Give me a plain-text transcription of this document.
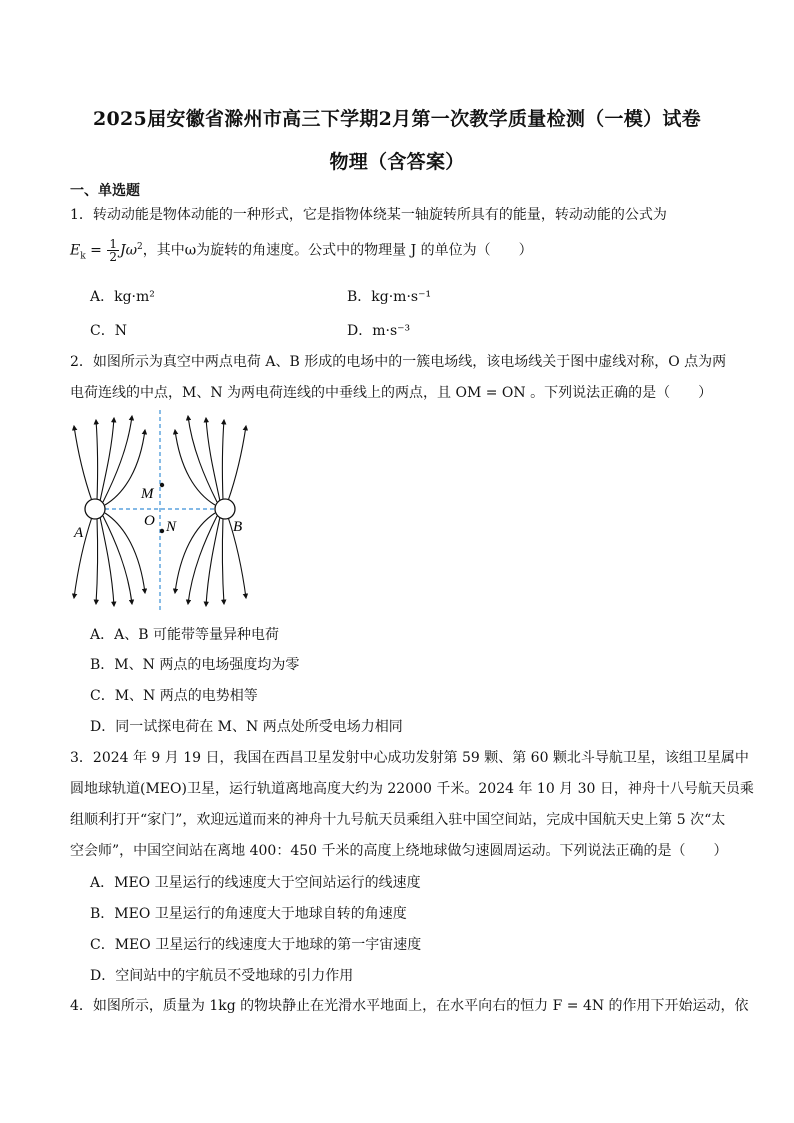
2025届安徽省滁州市高三下学期2月第一次教学质量检测（一模）试卷
物理（含答案）
一、单选题
1．转动动能是物体动能的一种形式，它是指物体绕某一轴旋转所具有的能量，转动动能的公式为
$E_k = \frac{1}{2} J\omega^2$，其中ω为旋转的角速度。公式中的物理量 J 的单位为（　　）
A．kg·m²	B．kg·m·s⁻¹
C．N	D．m·s⁻³
2．如图所示为真空中两点电荷 A、B 形成的电场中的一簇电场线，该电场线关于图中虚线对称，O 点为两
电荷连线的中点，M、N 为两电荷连线的中垂线上的两点，且 OM = ON 。下列说法正确的是（　　）
A	B
M
O N
A．A、B 可能带等量异种电荷
B．M、N 两点的电场强度均为零
C．M、N 两点的电势相等
D．同一试探电荷在 M、N 两点处所受电场力相同
3．2024 年 9 月 19 日，我国在西昌卫星发射中心成功发射第 59 颗、第 60 颗北斗导航卫星，该组卫星属中
圆地球轨道(MEO)卫星，运行轨道离地高度大约为 22000 千米。2024 年 10 月 30 日，神舟十八号航天员乘
组顺利打开“家门”，欢迎远道而来的神舟十九号航天员乘组入驻中国空间站，完成中国航天史上第 5 次“太
空会师”，中国空间站在离地 400：450 千米的高度上绕地球做匀速圆周运动。下列说法正确的是（　　）
A．MEO 卫星运行的线速度大于空间站运行的线速度
B．MEO 卫星运行的角速度大于地球自转的角速度
C．MEO 卫星运行的线速度大于地球的第一宇宙速度
D．空间站中的宇航员不受地球的引力作用
4．如图所示，质量为 1kg 的物块静止在光滑水平地面上，在水平向右的恒力 F = 4N 的作用下开始运动，依
